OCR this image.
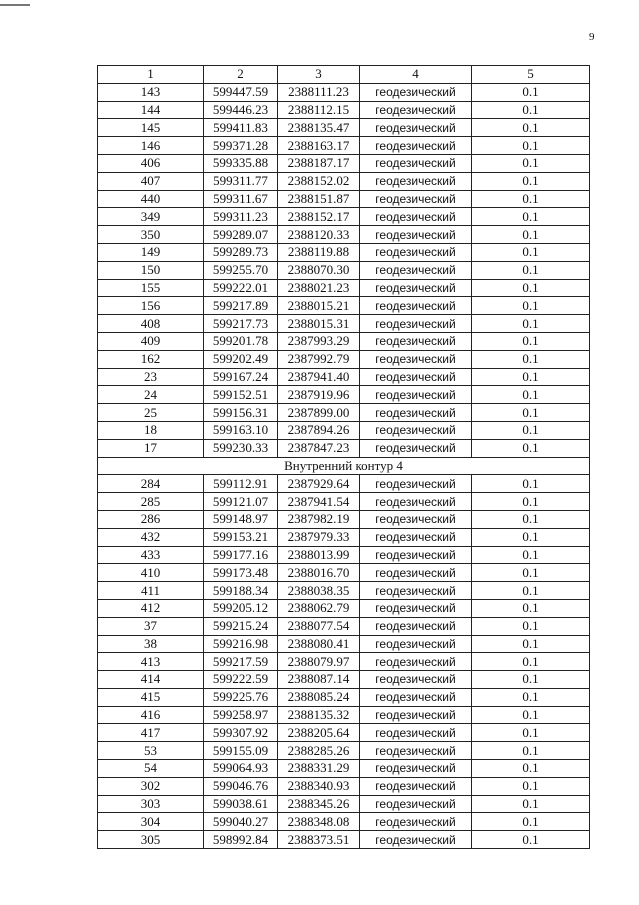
9
1	2	3	4	5
143	599447.59	2388111.23	геодезический	0.1
144	599446.23	2388112.15	геодезический	0.1
145	599411.83	2388135.47	геодезический	0.1
146	599371.28	2388163.17	геодезический	0.1
406	599335.88	2388187.17	геодезический	0.1
407	599311.77	2388152.02	геодезический	0.1
440	599311.67	2388151.87	геодезический	0.1
349	599311.23	2388152.17	геодезический	0.1
350	599289.07	2388120.33	геодезический	0.1
149	599289.73	2388119.88	геодезический	0.1
150	599255.70	2388070.30	геодезический	0.1
155	599222.01	2388021.23	геодезический	0.1
156	599217.89	2388015.21	геодезический	0.1
408	599217.73	2388015.31	геодезический	0.1
409	599201.78	2387993.29	геодезический	0.1
162	599202.49	2387992.79	геодезический	0.1
23	599167.24	2387941.40	геодезический	0.1
24	599152.51	2387919.96	геодезический	0.1
25	599156.31	2387899.00	геодезический	0.1
18	599163.10	2387894.26	геодезический	0.1
17	599230.33	2387847.23	геодезический	0.1
Внутренний контур 4				
284	599112.91	2387929.64	геодезический	0.1
285	599121.07	2387941.54	геодезический	0.1
286	599148.97	2387982.19	геодезический	0.1
432	599153.21	2387979.33	геодезический	0.1
433	599177.16	2388013.99	геодезический	0.1
410	599173.48	2388016.70	геодезический	0.1
411	599188.34	2388038.35	геодезический	0.1
412	599205.12	2388062.79	геодезический	0.1
37	599215.24	2388077.54	геодезический	0.1
38	599216.98	2388080.41	геодезический	0.1
413	599217.59	2388079.97	геодезический	0.1
414	599222.59	2388087.14	геодезический	0.1
415	599225.76	2388085.24	геодезический	0.1
416	599258.97	2388135.32	геодезический	0.1
417	599307.92	2388205.64	геодезический	0.1
53	599155.09	2388285.26	геодезический	0.1
54	599064.93	2388331.29	геодезический	0.1
302	599046.76	2388340.93	геодезический	0.1
303	599038.61	2388345.26	геодезический	0.1
304	599040.27	2388348.08	геодезический	0.1
305	598992.84	2388373.51	геодезический	0.1
